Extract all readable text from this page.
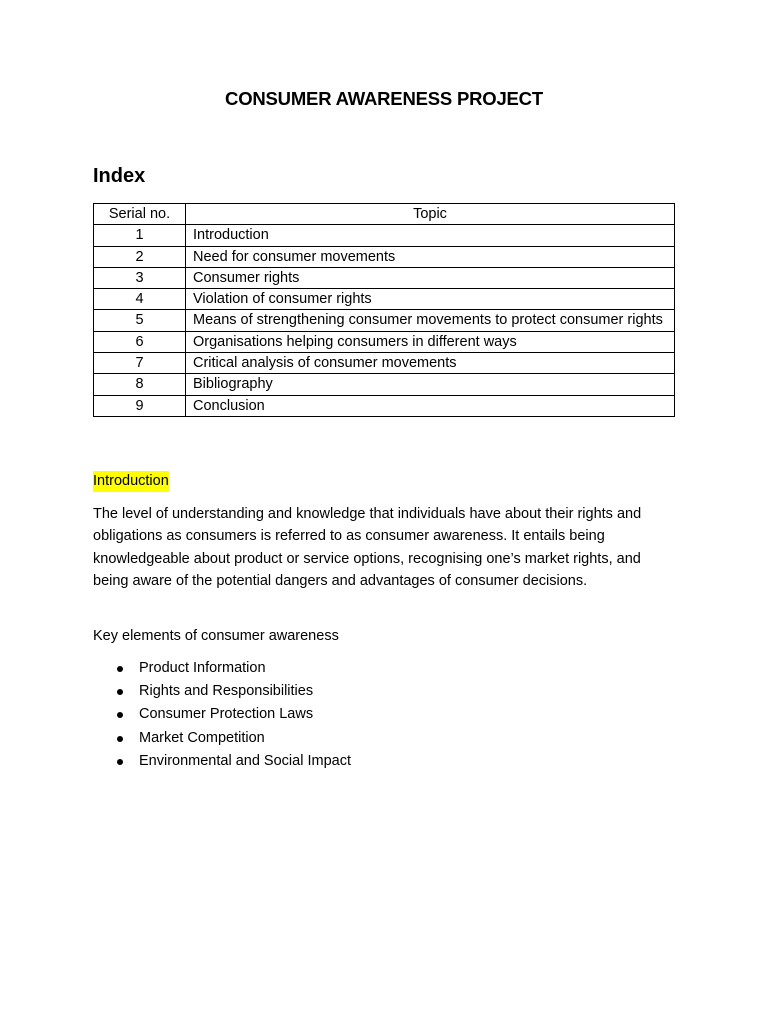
CONSUMER AWARENESS PROJECT
Index
Serial no.	Topic
1	Introduction
2	Need for consumer movements
3	Consumer rights
4	Violation of consumer rights
5	Means of strengthening consumer movements to protect consumer rights
6	Organisations helping consumers in different ways
7	Critical analysis of consumer movements
8	Bibliography
9	Conclusion
Introduction

The level of understanding and knowledge that individuals have about their rights and obligations as consumers is referred to as consumer awareness. It entails being knowledgeable about product or service options, recognising one’s market rights, and being aware of the potential dangers and advantages of consumer decisions.

Key elements of consumer awareness
Product Information
Rights and Responsibilities
Consumer Protection Laws
Market Competition
Environmental and Social Impact
